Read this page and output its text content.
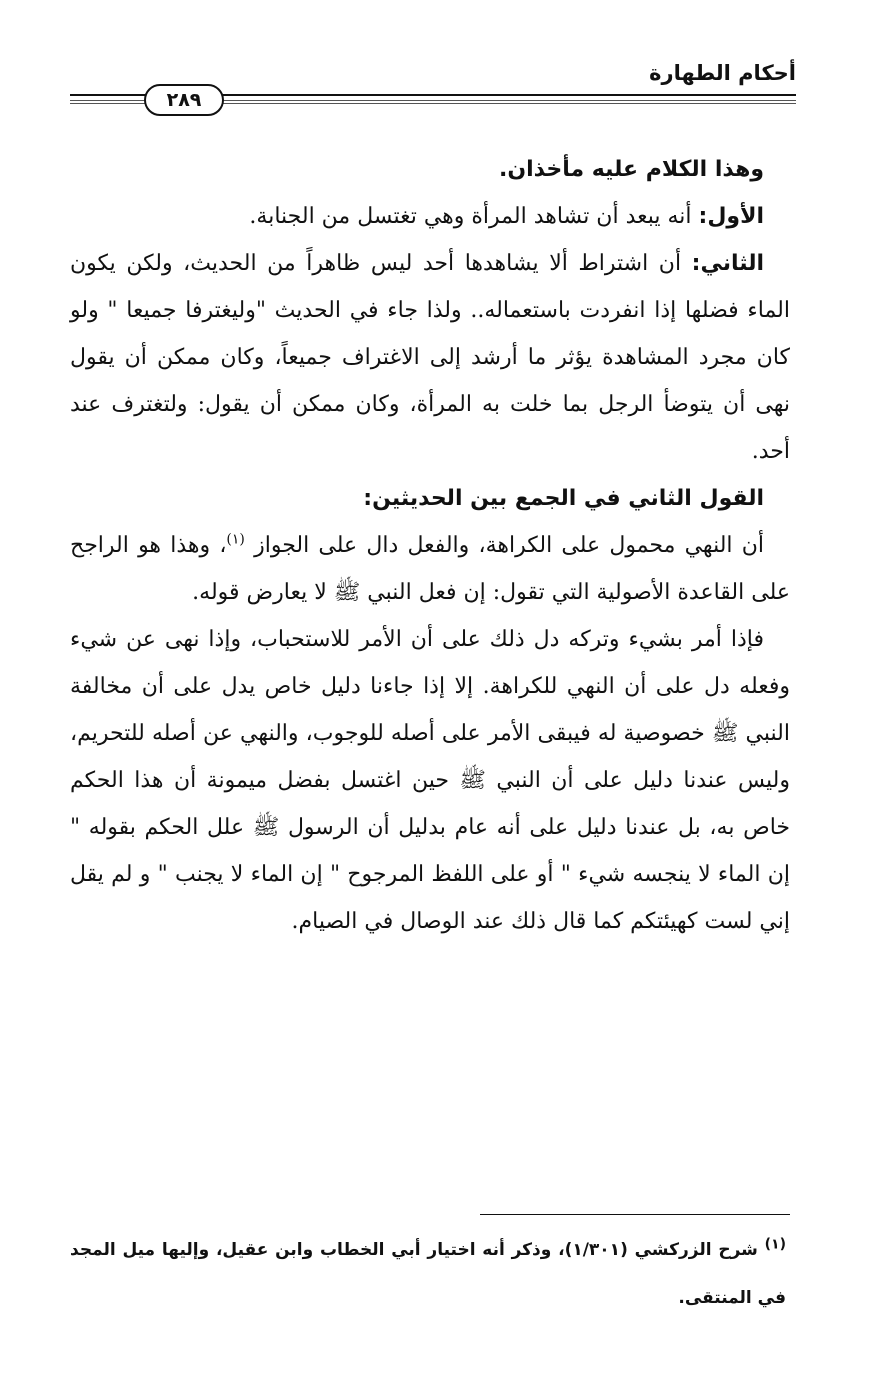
أحكام الطهارة
٢٨٩

وهذا الكلام عليه مأخذان.

الأول: أنه يبعد أن تشاهد المرأة وهي تغتسل من الجنابة.

الثاني: أن اشتراط ألا يشاهدها أحد ليس ظاهراً من الحديث، ولكن يكون الماء فضلها إذا انفردت باستعماله.. ولذا جاء في الحديث "وليغترفا جميعا " ولو كان مجرد المشاهدة يؤثر ما أرشد إلى الاغتراف جميعاً، وكان ممكن أن يقول نهى أن يتوضأ الرجل بما خلت به المرأة، وكان ممكن أن يقول: ولتغترف عند أحد.

القول الثاني في الجمع بين الحديثين:

أن النهي محمول على الكراهة، والفعل دال على الجواز $^{(١)}$، وهذا هو الراجح على القاعدة الأصولية التي تقول: إن فعل النبي ﷺ لا يعارض قوله.

فإذا أمر بشيء وتركه دل ذلك على أن الأمر للاستحباب، وإذا نهى عن شيء وفعله دل على أن النهي للكراهة. إلا إذا جاءنا دليل خاص يدل على أن مخالفة النبي ﷺ خصوصية له فيبقى الأمر على أصله للوجوب، والنهي عن أصله للتحريم، وليس عندنا دليل على أن النبي ﷺ حين اغتسل بفضل ميمونة أن هذا الحكم خاص به، بل عندنا دليل على أنه عام بدليل أن الرسول ﷺ علل الحكم بقوله " إن الماء لا ينجسه شيء " أو على اللفظ المرجوح " إن الماء لا يجنب " و لم يقل إني لست كهيئتكم كما قال ذلك عند الوصال في الصيام.

$^{(١)}$ شرح الزركشي (١/٣٠١)، وذكر أنه اختيار أبي الخطاب وابن عقيل، وإليها ميل المجد في المنتقى.
